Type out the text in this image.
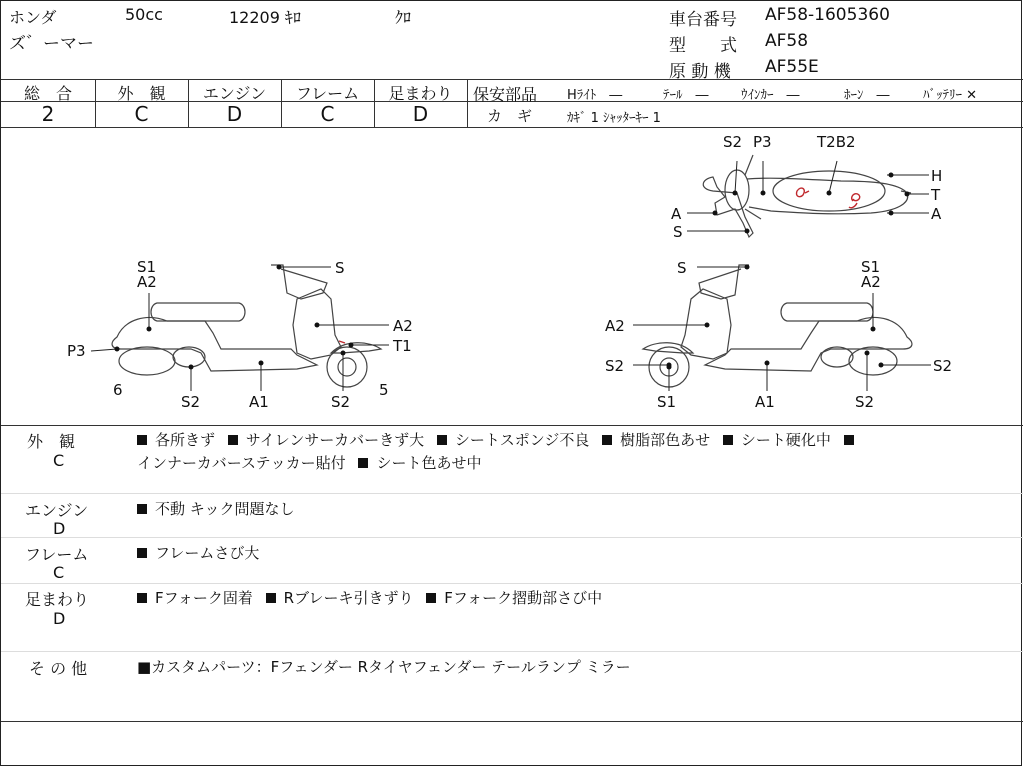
ホンダ	50cc	12209 ｷﾛ	ｸﾛ
ズ゛ーマー
車台番号 AF58-1605360
型　　式 AF58
原 動 機 AF55E
総　合
2
外　観
C
エンジン
D
フレーム
C
足まわり
D
保安部品 Hﾗｲﾄ　―	ﾃｰﾙ　― ｳｲﾝｶｰ　―	ﾎｰﾝ　―	ﾊﾞｯﾃﾘｰ ✕
カ　ギ	ｶｷﾞ 1 ｼｬｯﾀｰｷｰ 1
S2 P3	T2B2
H
T
A
A
S
S1
A2
S
A2
T1
P3
6
S2	A1	S2
5
S	S1
A2
A2
S2	S2
S1	A1	S2
外　観
C
各所きず サイレンサーカバーきず大 シートスポンジ不良 樹脂部色あせ シート硬化中
インナーカバーステッカー貼付 シート色あせ中
エンジン
D
不動 キック問題なし
フレーム
C
フレームさび大
足まわり
D
Fフォーク固着 Rブレーキ引きずり Fフォーク摺動部さび中
そ の 他	■カスタムパーツ：Fフェンダー Rタイヤフェンダー テールランプ ミラー
